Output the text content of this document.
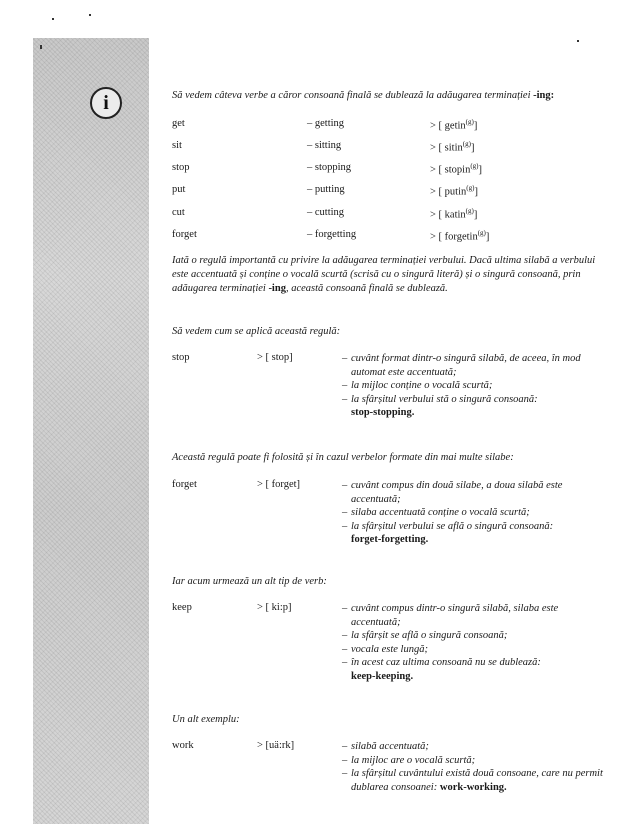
i	Să vedem câteva verbe a căror consoană finală se dublează la adăugarea terminației -ing:
get	– getting	> [ getin$^{(g)}$]
sit	– sitting	> [ sitin$^{(g)}$]
stop	– stopping	> [ stopin$^{(g)}$]
put	– putting	> [ putin$^{(g)}$]
cut	– cutting	> [ katin$^{(g)}$]
forget	– forgetting	> [ forgetin$^{(g)}$]
Iată o regulă importantă cu privire la adăugarea terminației verbului. Dacă ultima silabă a verbului
este accentuată și conține o vocală scurtă (scrisă cu o singură literă) și o singură consoană, prin
adăugarea terminației -ing, această consoană finală se dublează.
Să vedem cum se aplică această regulă:
stop	> [ stop]	– cuvânt format dintr-o singură silabă, de aceea, în mod automat este accentuată;
– la mijloc conține o vocală scurtă;
– la sfârșitul verbului stă o singură consoană:
stop-stopping.
Această regulă poate fi folosită și în cazul verbelor formate din mai multe silabe:
forget	> [ forget]	– cuvânt compus din două silabe, a doua silabă este accentuată;
– silaba accentuată conține o vocală scurtă;
– la sfârșitul verbului se află o singură consoană:
forget-forgetting.
Iar acum urmează un alt tip de verb:
keep	> [ ki:p]	– cuvânt compus dintr-o singură silabă, silaba este accentuată;
– la sfârșit se află o singură consoană;
– vocala este lungă;
– în acest caz ultima consoană nu se dublează:
keep-keeping.
Un alt exemplu:
work	> [uä:rk]	– silabă accentuată;
– la mijloc are o vocală scurtă;
– la sfârșitul cuvântului există două consoane, care nu permit dublarea consoanei: work-working.
